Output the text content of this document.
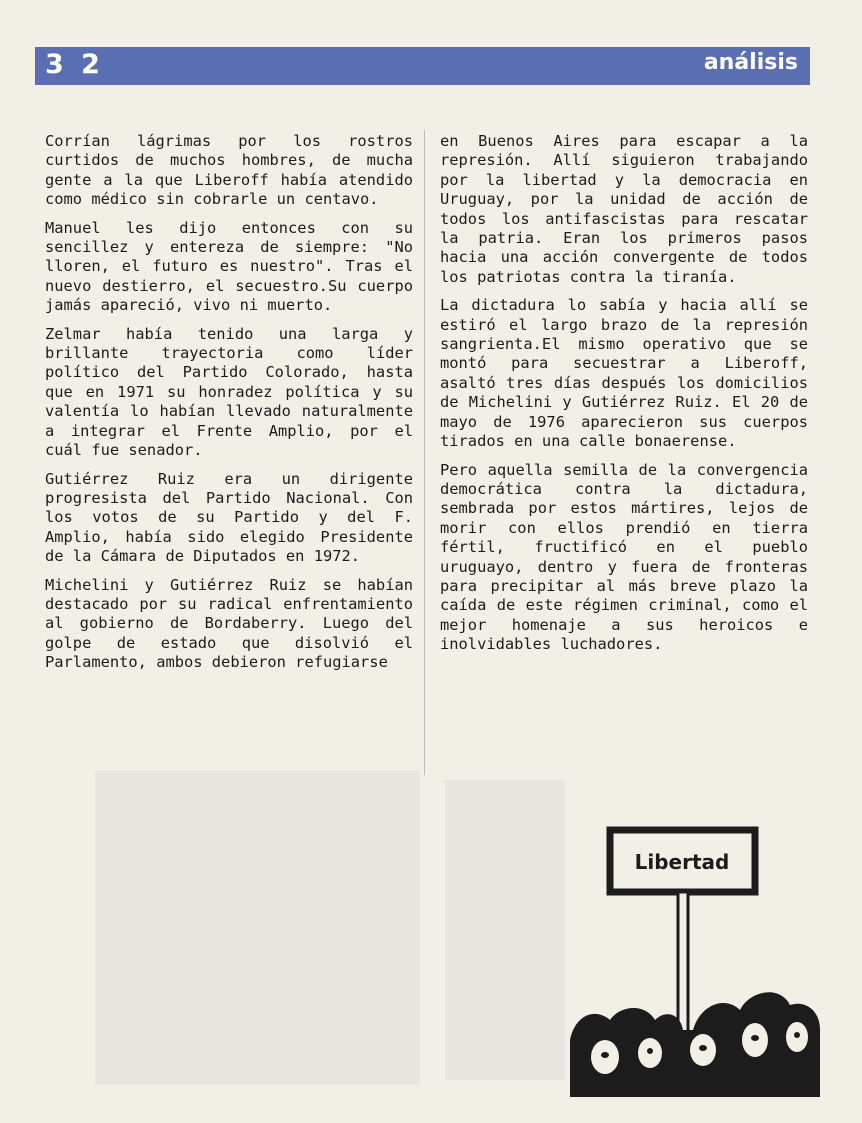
3 2	análisis

Corrían lágrimas por los rostros curtidos de muchos hombres, de mucha gente a la que Liberoff había atendido como médico sin cobrarle un centavo.

Manuel les dijo entonces con su sencillez y entereza de siempre: "No lloren, el futuro es nuestro". Tras el nuevo destierro, el secuestro.Su cuerpo jamás apareció, vivo ni muerto.

Zelmar había tenido una larga y brillante trayectoria como líder político del Partido Colorado, hasta que en 1971 su honradez política y su valentía lo habían llevado naturalmente a integrar el Frente Amplio, por el cuál fue senador.

Gutiérrez Ruiz era un dirigente progresista del Partido Nacional. Con los votos de su Partido y del F. Amplio, había sido elegido Presidente de la Cámara de Diputados en 1972.

Michelini y Gutiérrez Ruiz se habían destacado por su radical enfrentamiento al gobierno de Bordaberry. Luego del golpe de estado que disolvió el Parlamento, ambos debieron refugiarse

en Buenos Aires para escapar a la represión. Allí siguieron trabajando por la libertad y la democracia en Uruguay, por la unidad de acción de todos los antifascistas para rescatar la patria. Eran los primeros pasos hacia una acción convergente de todos los patriotas contra la tiranía.

La dictadura lo sabía y hacia allí se estiró el largo brazo de la represión sangrienta.El mismo operativo que se montó para secuestrar a Liberoff, asaltó tres días después los domicilios de Michelini y Gutiérrez Ruiz. El 20 de mayo de 1976 aparecieron sus cuerpos tirados en una calle bonaerense.

Pero aquella semilla de la convergencia democrática contra la dictadura, sembrada por estos mártires, lejos de morir con ellos prendió en tierra fértil, fructificó en el pueblo uruguayo, dentro y fuera de fronteras para precipitar al más breve plazo la caída de este régimen criminal, como el mejor homenaje a sus heroicos e inolvidables luchadores.

Libertad
